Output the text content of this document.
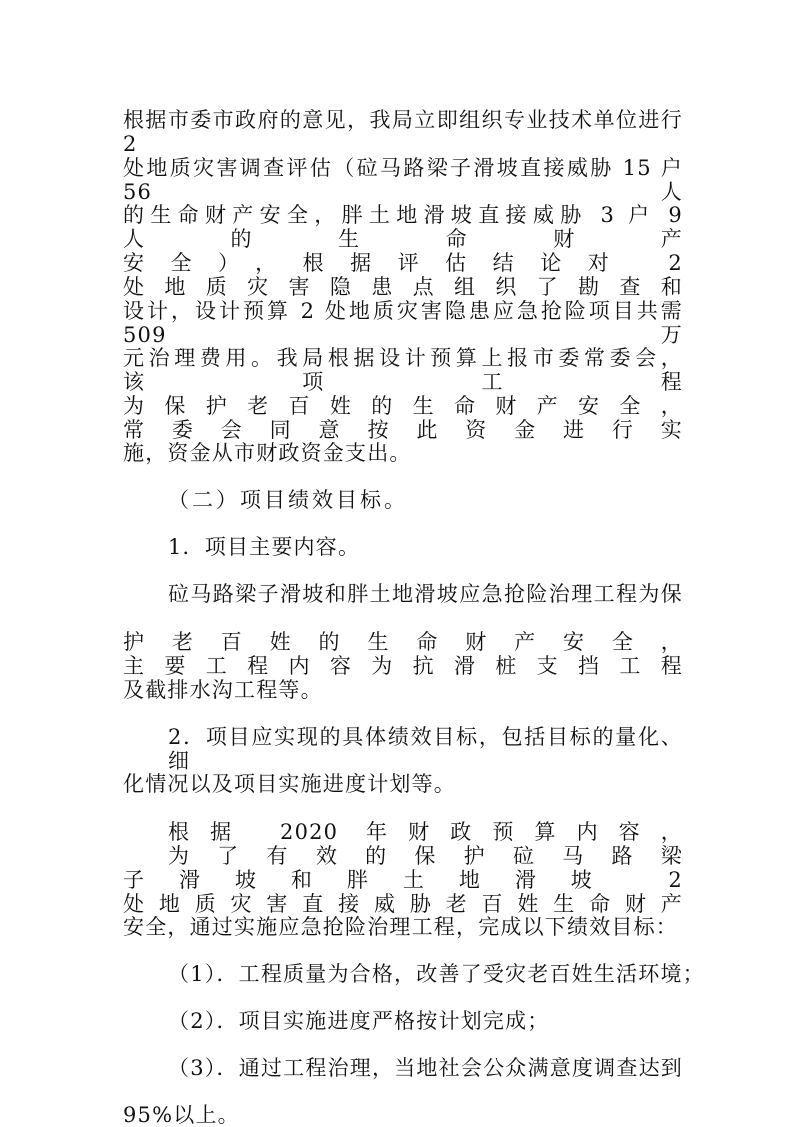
根据市委市政府的意见，我局立即组织专业技术单位进行 2
处地质灾害调查评估（砬马路梁子滑坡直接威胁 15 户 56 人
的生命财产安全，胖土地滑坡直接威胁 3 户 9 人的生命财产
安全），根据评估结论对 2 处地质灾害隐患点组织了勘查和
设计，设计预算 2 处地质灾害隐患应急抢险项目共需 509 万
元治理费用。我局根据设计预算上报市委常委会，该项工程
为保护老百姓的生命财产安全，常委会同意按此资金进行实
施，资金从市财政资金支出。
（二）项目绩效目标。
1．项目主要内容。
砬马路梁子滑坡和胖土地滑坡应急抢险治理工程为保
护老百姓的生命财产安全，主要工程内容为抗滑桩支挡工程
及截排水沟工程等。
2．项目应实现的具体绩效目标，包括目标的量化、细
化情况以及项目实施进度计划等。
根据 2020 年财政预算内容，为了有效的保护砬马路梁
子滑坡和胖土地滑坡 2 处地质灾害直接威胁老百姓生命财产
安全，通过实施应急抢险治理工程，完成以下绩效目标：
（1）．工程质量为合格，改善了受灾老百姓生活环境；
（2）．项目实施进度严格按计划完成；
（3）．通过工程治理，当地社会公众满意度调查达到
95%以上。
